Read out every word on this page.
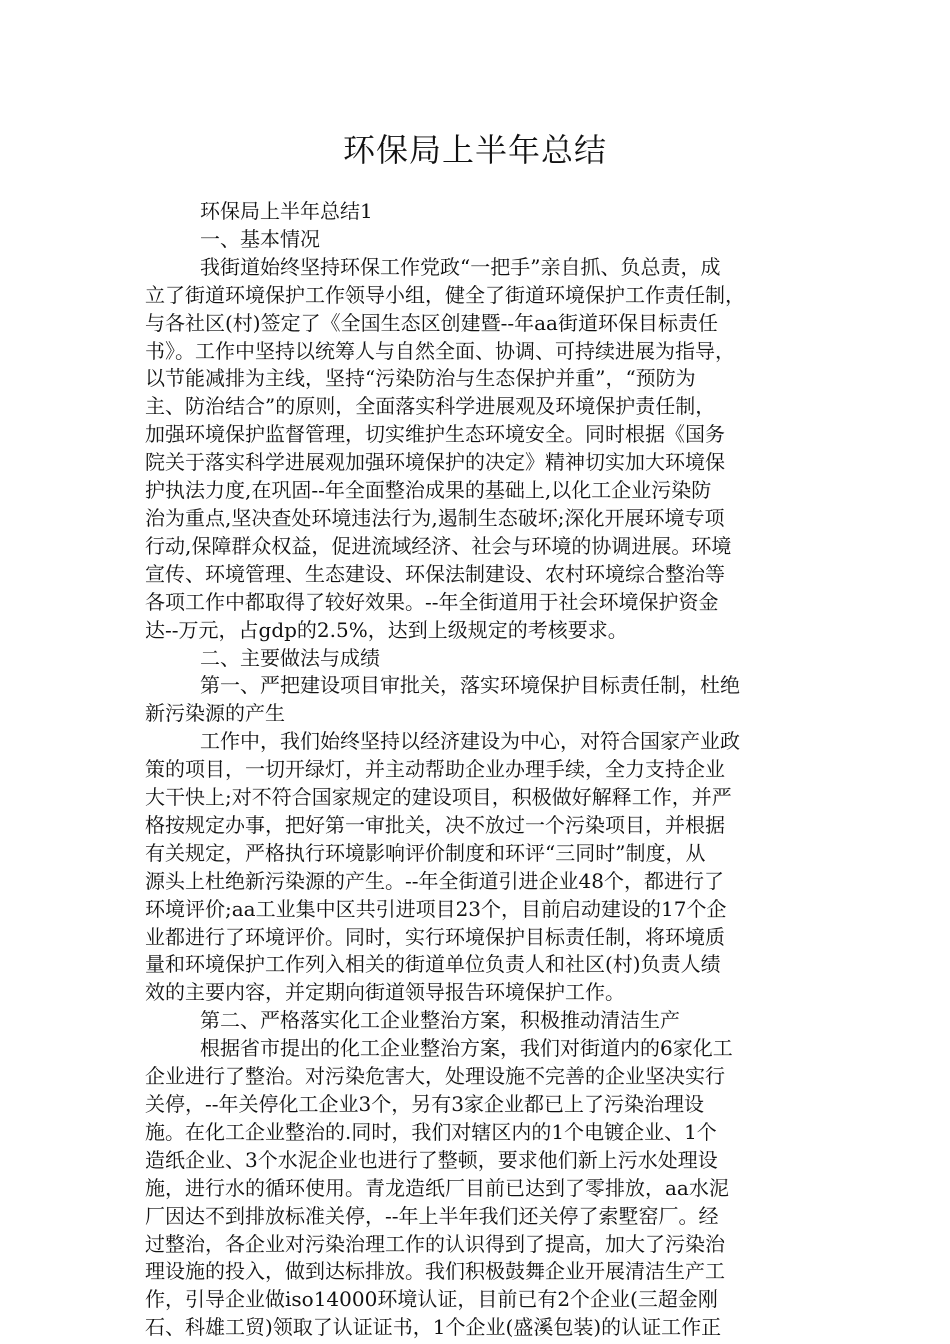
环保局上半年总结
环保局上半年总结1
一、基本情况
我街道始终坚持环保工作党政“一把手”亲自抓、负总责，成
立了街道环境保护工作领导小组，健全了街道环境保护工作责任制，
与各社区(村)签定了《全国生态区创建暨--年aa街道环保目标责任
书》。工作中坚持以统筹人与自然全面、协调、可持续进展为指导，
以节能减排为主线，坚持“污染防治与生态保护并重”，“预防为
主、防治结合”的原则，全面落实科学进展观及环境保护责任制，
加强环境保护监督管理，切实维护生态环境安全。同时根据《国务
院关于落实科学进展观加强环境保护的决定》精神切实加大环境保
护执法力度,在巩固--年全面整治成果的基础上,以化工企业污染防
治为重点,坚决查处环境违法行为,遏制生态破坏;深化开展环境专项
行动,保障群众权益，促进流域经济、社会与环境的协调进展。环境
宣传、环境管理、生态建设、环保法制建设、农村环境综合整治等
各项工作中都取得了较好效果。--年全街道用于社会环境保护资金
达--万元，占gdp的2.5%，达到上级规定的考核要求。
二、主要做法与成绩
第一、严把建设项目审批关，落实环境保护目标责任制，杜绝
新污染源的产生
工作中，我们始终坚持以经济建设为中心，对符合国家产业政
策的项目，一切开绿灯，并主动帮助企业办理手续，全力支持企业
大干快上;对不符合国家规定的建设项目，积极做好解释工作，并严
格按规定办事，把好第一审批关，决不放过一个污染项目，并根据
有关规定，严格执行环境影响评价制度和环评“三同时”制度，从
源头上杜绝新污染源的产生。--年全街道引进企业48个，都进行了
环境评价;aa工业集中区共引进项目23个，目前启动建设的17个企
业都进行了环境评价。同时，实行环境保护目标责任制，将环境质
量和环境保护工作列入相关的街道单位负责人和社区(村)负责人绩
效的主要内容，并定期向街道领导报告环境保护工作。
第二、严格落实化工企业整治方案，积极推动清洁生产
根据省市提出的化工企业整治方案，我们对街道内的6家化工
企业进行了整治。对污染危害大，处理设施不完善的企业坚决实行
关停，--年关停化工企业3个，另有3家企业都已上了污染治理设
施。在化工企业整治的.同时，我们对辖区内的1个电镀企业、1个
造纸企业、3个水泥企业也进行了整顿，要求他们新上污水处理设
施，进行水的循环使用。青龙造纸厂目前已达到了零排放，aa水泥
厂因达不到排放标准关停，--年上半年我们还关停了索墅窑厂。经
过整治，各企业对污染治理工作的认识得到了提高，加大了污染治
理设施的投入，做到达标排放。我们积极鼓舞企业开展清洁生产工
作，引导企业做iso14000环境认证，目前已有2个企业(三超金刚
石、科雄工贸)领取了认证证书，1个企业(盛溪包装)的认证工作正
